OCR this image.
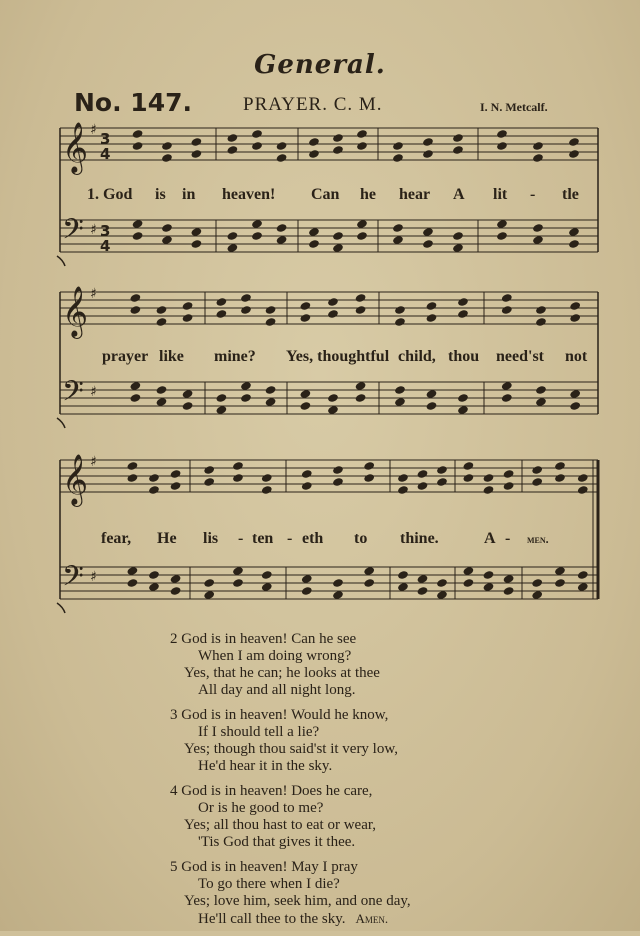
General.
No. 147.	PRAYER. C. M.	I. N. Metcalf.
𝄞 ♯ 3
4
𝄢 ♯ 3
4
𝄞 ♯
𝄢 ♯
𝄞 ♯
𝄢 ♯
1. God is in heaven! Can he hear A lit - tle
prayer like mine? Yes, thoughtful child, thou need'st not
fear, He lis - ten - eth to thine.	A - men.
2 God is in heaven! Can he see
When I am doing wrong?
Yes, that he can; he looks at thee
All day and all night long.
3 God is in heaven! Would he know,
If I should tell a lie?
Yes; though thou said'st it very low,
He'd hear it in the sky.
4 God is in heaven! Does he care,
Or is he good to me?
Yes; all thou hast to eat or wear,
'Tis God that gives it thee.
5 God is in heaven! May I pray
To go there when I die?
Yes; love him, seek him, and one day,
He'll call thee to the sky. Amen.
